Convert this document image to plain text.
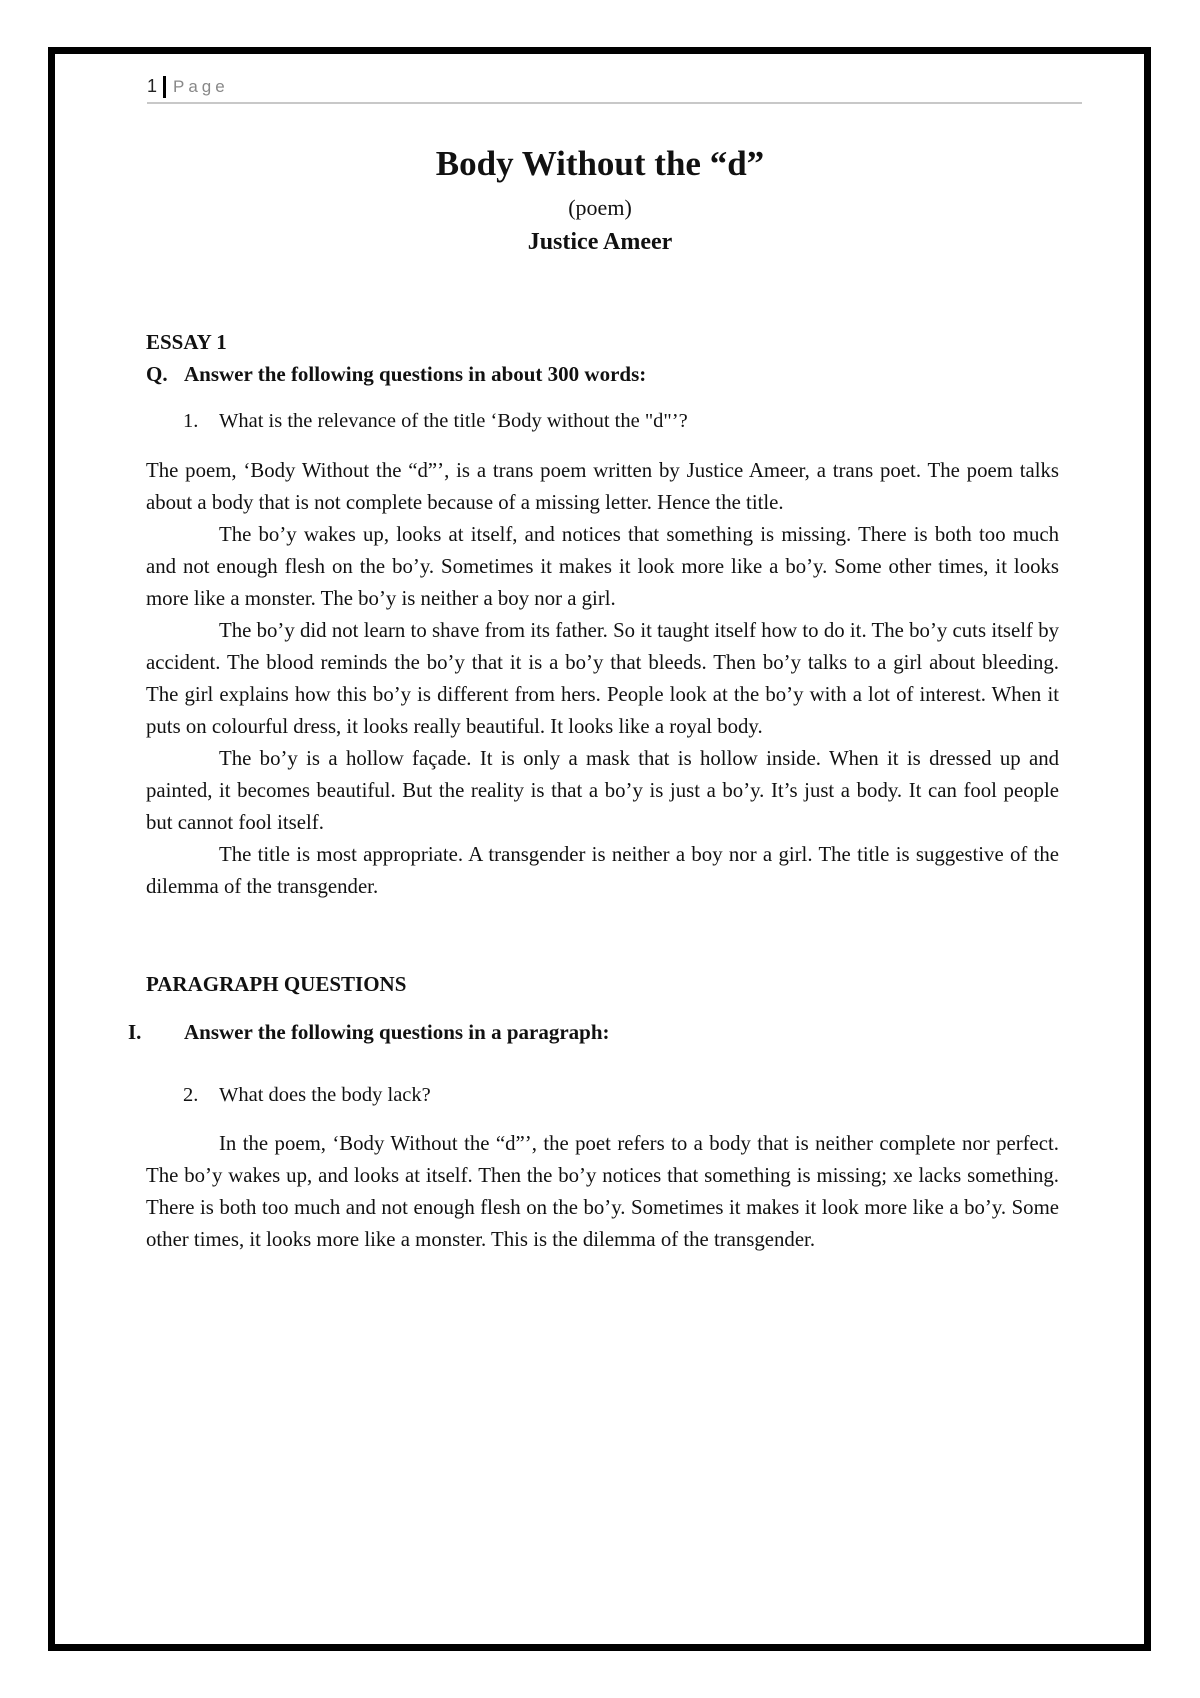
1 Page
Body Without the “d”
(poem)
Justice Ameer
ESSAY 1
Q. Answer the following questions in about 300 words:
1. What is the relevance of the title ‘Body without the "d"’?

The poem, ‘Body Without the “d”’, is a trans poem written by Justice Ameer, a trans poet. The poem talks about a body that is not complete because of a missing letter. Hence the title.

The bo’y wakes up, looks at itself, and notices that something is missing. There is both too much and not enough flesh on the bo’y. Sometimes it makes it look more like a bo’y. Some other times, it looks more like a monster. The bo’y is neither a boy nor a girl.

The bo’y did not learn to shave from its father. So it taught itself how to do it. The bo’y cuts itself by accident. The blood reminds the bo’y that it is a bo’y that bleeds. Then bo’y talks to a girl about bleeding. The girl explains how this bo’y is different from hers. People look at the bo’y with a lot of interest. When it puts on colourful dress, it looks really beautiful. It looks like a royal body.

The bo’y is a hollow façade. It is only a mask that is hollow inside. When it is dressed up and painted, it becomes beautiful. But the reality is that a bo’y is just a bo’y. It’s just a body. It can fool people but cannot fool itself.

The title is most appropriate. A transgender is neither a boy nor a girl. The title is suggestive of the dilemma of the transgender.

PARAGRAPH QUESTIONS
I. Answer the following questions in a paragraph:
2. What does the body lack?

In the poem, ‘Body Without the “d”’, the poet refers to a body that is neither complete nor perfect. The bo’y wakes up, and looks at itself. Then the bo’y notices that something is missing; xe lacks something. There is both too much and not enough flesh on the bo’y. Sometimes it makes it look more like a bo’y. Some other times, it looks more like a monster. This is the dilemma of the transgender.
